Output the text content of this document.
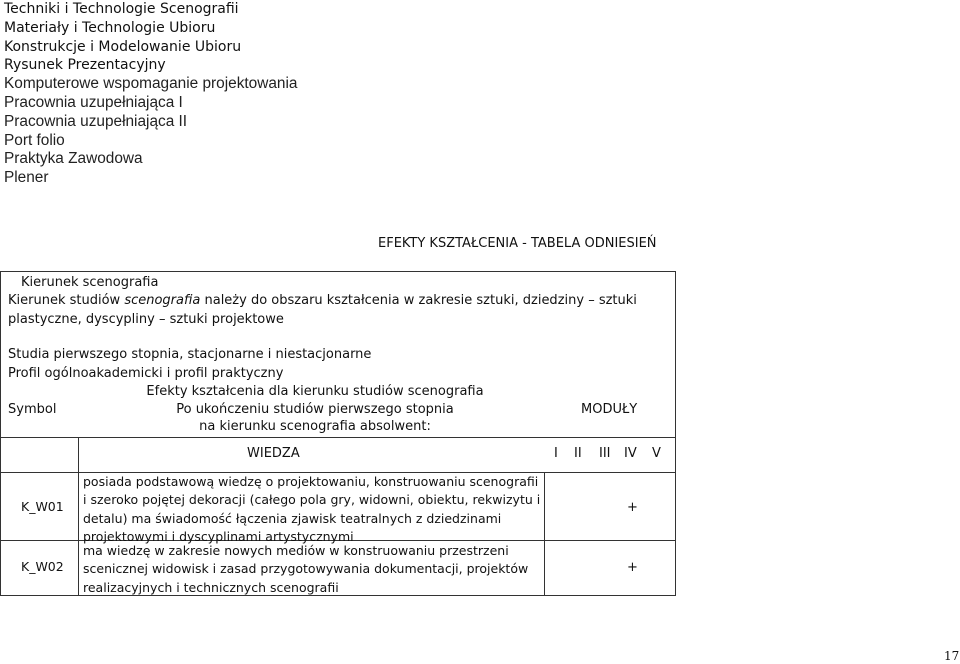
Techniki i Technologie Scenografii
Materiały i Technologie Ubioru
Konstrukcje i Modelowanie Ubioru
Rysunek Prezentacyjny
Komputerowe wspomaganie projektowania
Pracownia uzupełniająca I
Pracownia uzupełniająca II
Port folio
Praktyka Zawodowa
Plener
EFEKTY KSZTAŁCENIA - TABELA ODNIESIEŃ
Kierunek scenografia
Kierunek studiów scenografia należy do obszaru kształcenia w zakresie sztuki, dziedziny – sztuki
plastyczne, dyscypliny – sztuki projektowe
Studia pierwszego stopnia, stacjonarne i niestacjonarne
Profil ogólnoakademicki i profil praktyczny
Symbol
Efekty kształcenia dla kierunku studiów scenografia
Po ukończeniu studiów pierwszego stopnia
na kierunku scenografia absolwent:
MODUŁY
WIEDZA	I II III IV V
K_W01
posiada podstawową wiedzę o projektowaniu, konstruowaniu scenografii
i szeroko pojętej dekoracji (całego pola gry, widowni, obiektu, rekwizytu i
detalu) ma świadomość łączenia zjawisk teatralnych z dziedzinami
projektowymi i dyscyplinami artystycznymi
+
K_W02
ma wiedzę w zakresie nowych mediów w konstruowaniu przestrzeni
scenicznej widowisk i zasad przygotowywania dokumentacji, projektów
realizacyjnych i technicznych scenografii
+
17
